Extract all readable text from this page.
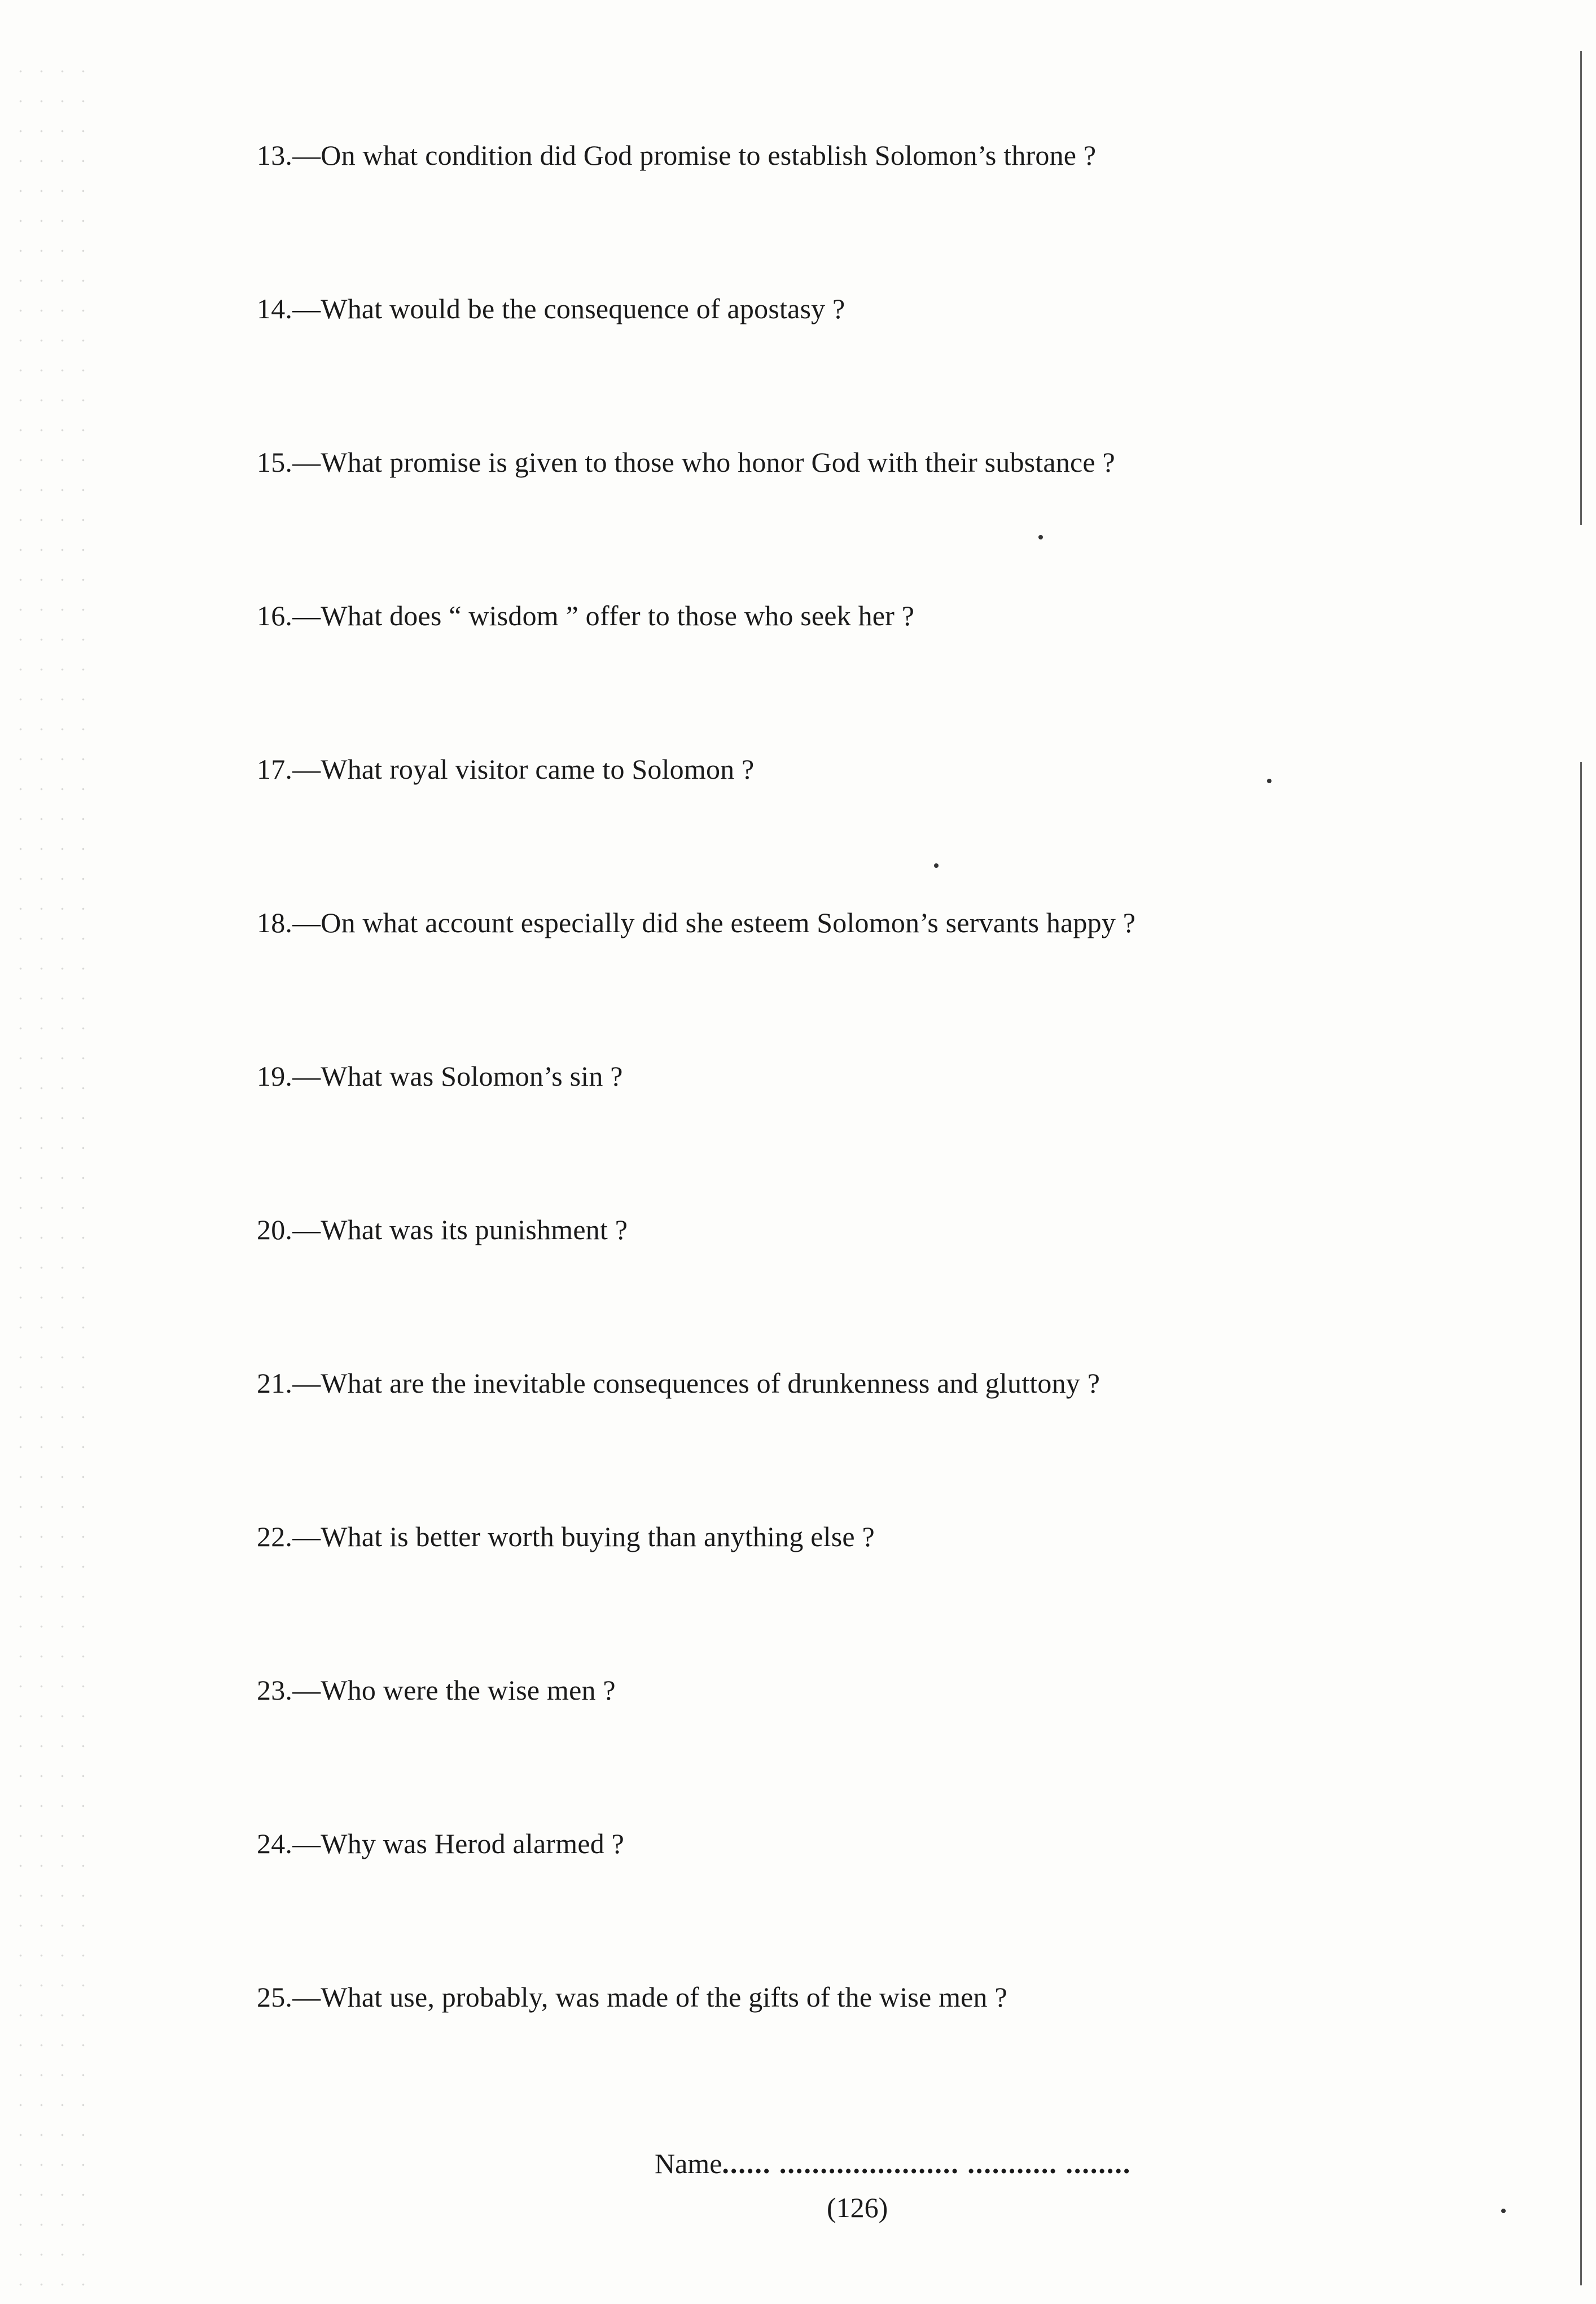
13.—On what condition did God promise to establish Solomon’s throne ?
14.—What would be the consequence of apostasy ?
15.—What promise is given to those who honor God with their substance ?
16.—What does “ wisdom ” offer to those who seek her ?
17.—What royal visitor came to Solomon ?
18.—On what account especially did she esteem Solomon’s servants happy ?
19.—What was Solomon’s sin ?
20.—What was its punishment ?
21.—What are the inevitable consequences of drunkenness and gluttony ?
22.—What is better worth buying than anything else ?
23.—Who were the wise men ?
24.—Why was Herod alarmed ?
25.—What use, probably, was made of the gifts of the wise men ?
Name...... ...................... ........... ........
(126)
